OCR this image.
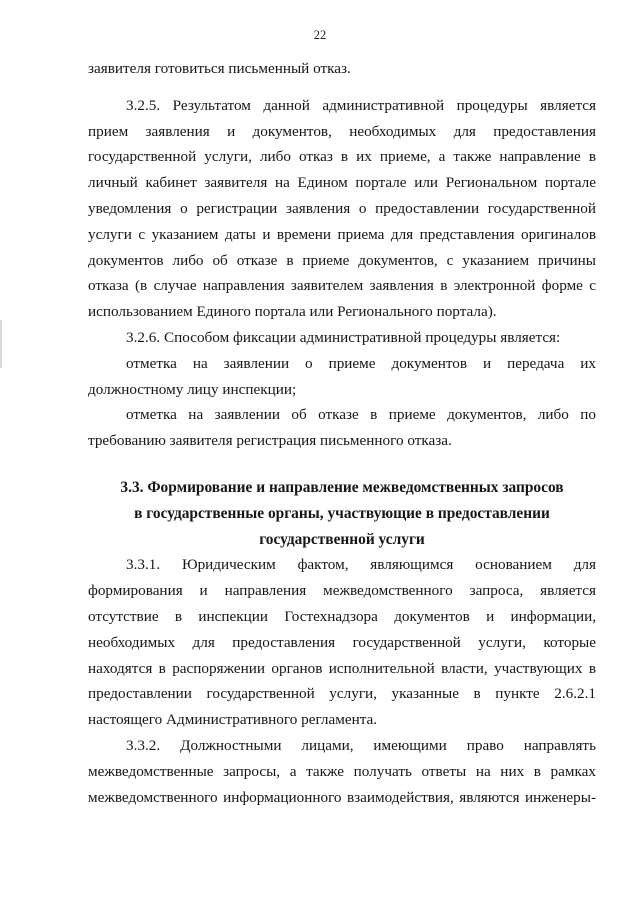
22
заявителя готовиться письменный отказ.
3.2.5. Результатом данной административной процедуры является
прием заявления и документов, необходимых для предоставления
государственной услуги, либо отказ в их приеме, а также направление в
личный кабинет заявителя на Едином портале или Региональном портале
уведомления о регистрации заявления о предоставлении государственной
услуги с указанием даты и времени приема для представления оригиналов
документов либо об отказе в приеме документов, с указанием причины
отказа (в случае направления заявителем заявления в электронной форме с
использованием Единого портала или Регионального портала).
3.2.6. Способом фиксации административной процедуры является:
отметка на заявлении о приеме документов и передача их
должностному лицу инспекции;
отметка на заявлении об отказе в приеме документов, либо по
требованию заявителя регистрация письменного отказа.
3.3. Формирование и направление межведомственных запросов
в государственные органы, участвующие в предоставлении
государственной услуги
3.3.1. Юридическим фактом, являющимся основанием для
формирования и направления межведомственного запроса, является
отсутствие в инспекции Гостехнадзора документов и информации,
необходимых для предоставления государственной услуги, которые
находятся в распоряжении органов исполнительной власти, участвующих в
предоставлении государственной услуги, указанные в пункте 2.6.2.1
настоящего Административного регламента.
3.3.2. Должностными лицами, имеющими право направлять
межведомственные запросы, а также получать ответы на них в рамках
межведомственного информационного взаимодействия, являются инженеры-
